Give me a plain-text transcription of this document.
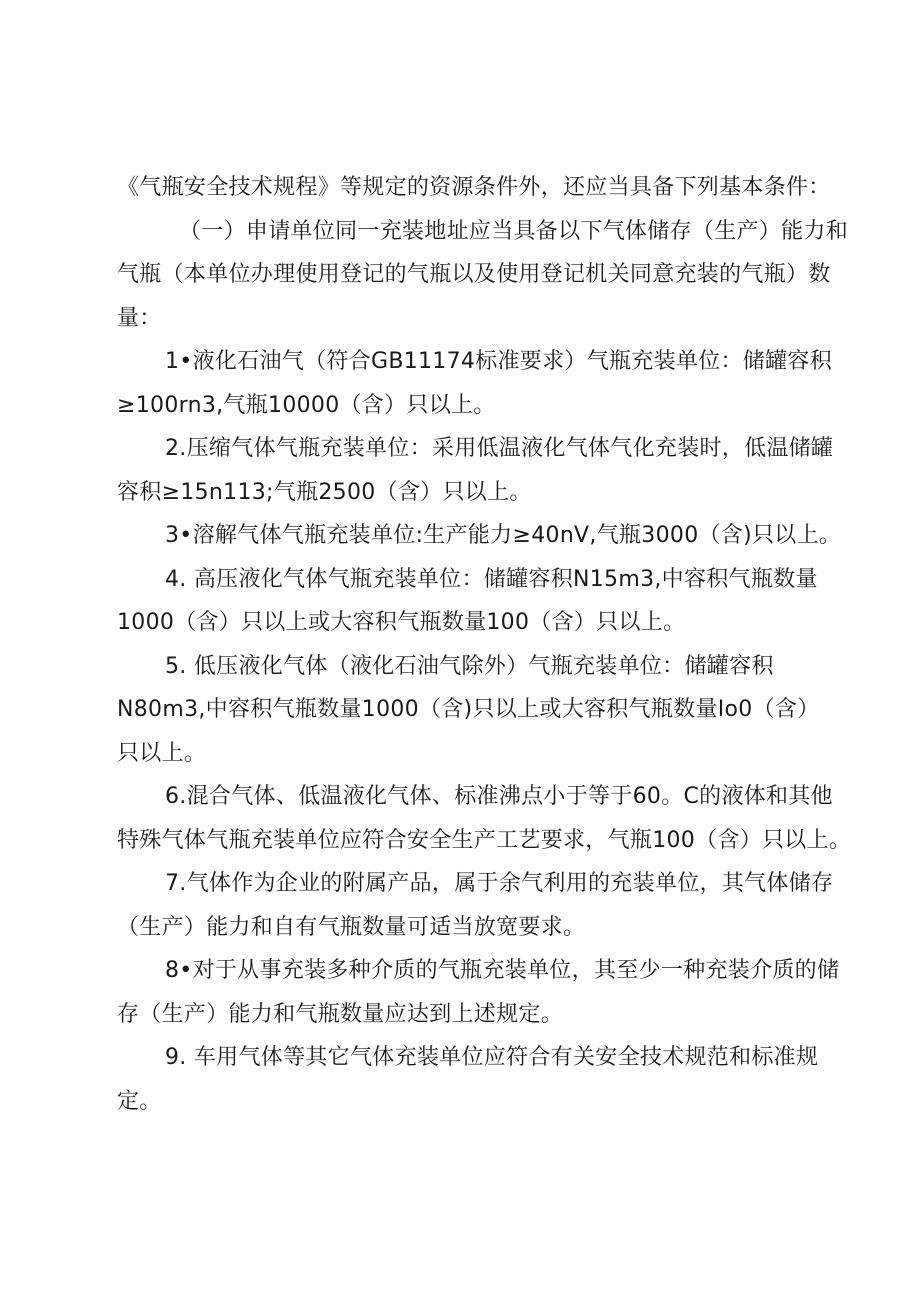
《气瓶安全技术规程》等规定的资源条件外，还应当具备下列基本条件：

（一）申请单位同一充装地址应当具备以下气体储存（生产）能力和
气瓶（本单位办理使用登记的气瓶以及使用登记机关同意充装的气瓶）数
量：

1•液化石油气（符合GB11174标准要求）气瓶充装单位：储罐容积
≥100rn3,气瓶10000（含）只以上。

2.压缩气体气瓶充装单位：采用低温液化气体气化充装时，低温储罐
容积≥15n113;气瓶2500（含）只以上。

3•溶解气体气瓶充装单位:生产能力≥40nV,气瓶3000（含)只以上。

4. 高压液化气体气瓶充装单位：储罐容积N15m3,中容积气瓶数量
1000（含）只以上或大容积气瓶数量100（含）只以上。

5. 低压液化气体（液化石油气除外）气瓶充装单位：储罐容积
N80m3,中容积气瓶数量1000（含)只以上或大容积气瓶数量Io0（含）
只以上。

6.混合气体、低温液化气体、标准沸点小于等于60。C的液体和其他
特殊气体气瓶充装单位应符合安全生产工艺要求，气瓶100（含）只以上。

7.气体作为企业的附属产品，属于余气利用的充装单位，其气体储存
（生产）能力和自有气瓶数量可适当放宽要求。

8•对于从事充装多种介质的气瓶充装单位，其至少一种充装介质的储
存（生产）能力和气瓶数量应达到上述规定。

9. 车用气体等其它气体充装单位应符合有关安全技术规范和标准规
定。
